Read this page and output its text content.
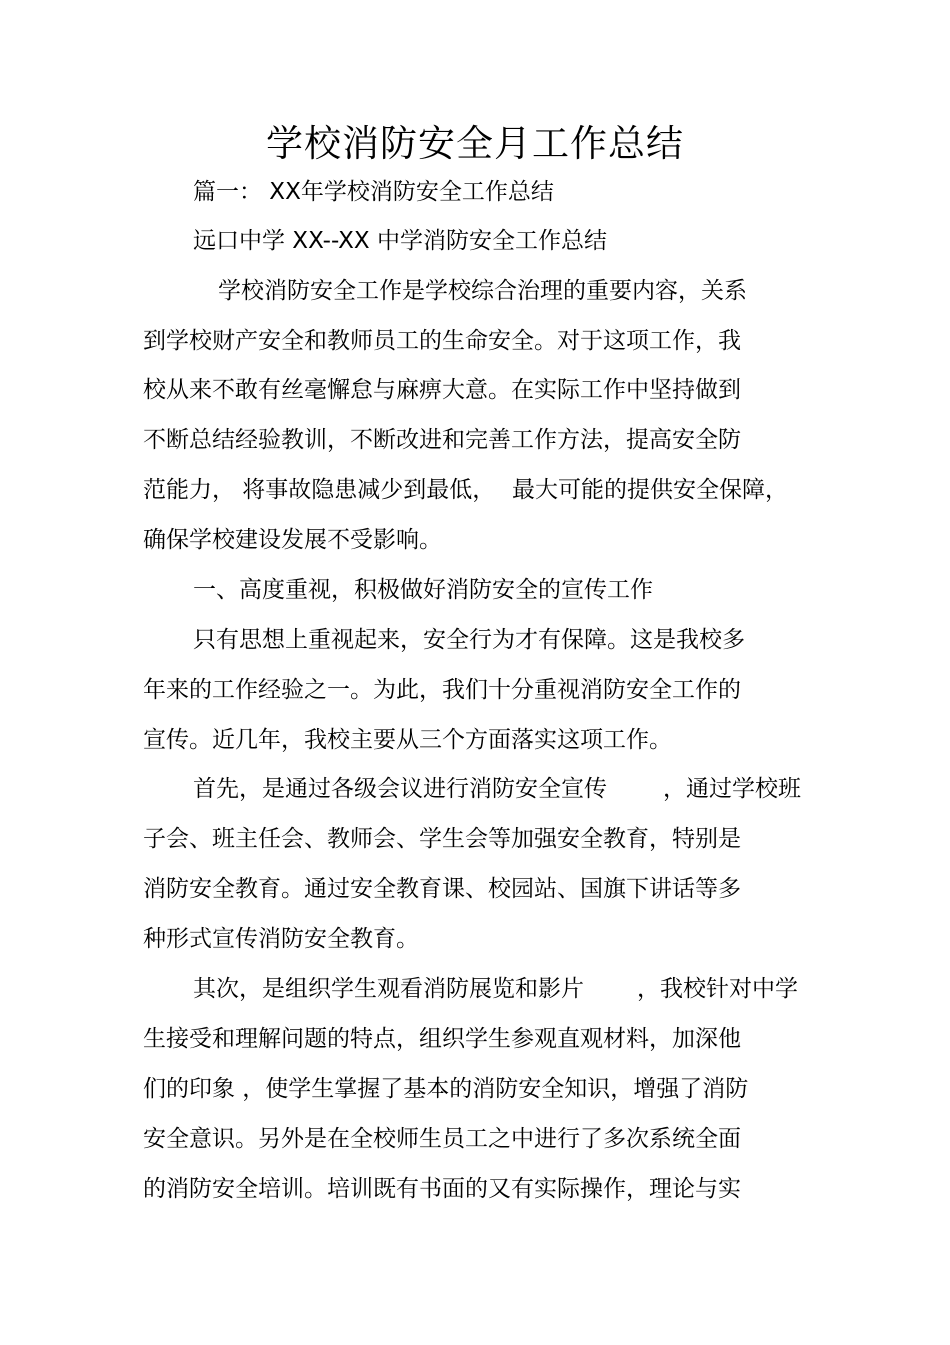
学校消防安全月工作总结
篇一： XX年学校消防安全工作总结
远口中学 XX--XX 中学消防安全工作总结
学校消防安全工作是学校综合治理的重要内容，关系
到学校财产安全和教师员工的生命安全。对于这项工作，我
校从来不敢有丝毫懈怠与麻痹大意。在实际工作中坚持做到
不断总结经验教训，不断改进和完善工作方法，提高安全防
范能力， 将事故隐患减少到最低， 最大可能的提供安全保障，
确保学校建设发展不受影响。
一、高度重视，积极做好消防安全的宣传工作
只有思想上重视起来，安全行为才有保障。这是我校多
年来的工作经验之一。为此，我们十分重视消防安全工作的
宣传。近几年，我校主要从三个方面落实这项工作。
首先，是通过各级会议进行消防安全宣传 ，通过学校班
子会、班主任会、教师会、学生会等加强安全教育，特别是
消防安全教育。通过安全教育课、校园站、国旗下讲话等多
种形式宣传消防安全教育。
其次，是组织学生观看消防展览和影片 ，我校针对中学
生接受和理解问题的特点，组织学生参观直观材料，加深他
们的印象 ，使学生掌握了基本的消防安全知识，增强了消防
安全意识。另外是在全校师生员工之中进行了多次系统全面
的消防安全培训。培训既有书面的又有实际操作，理论与实
